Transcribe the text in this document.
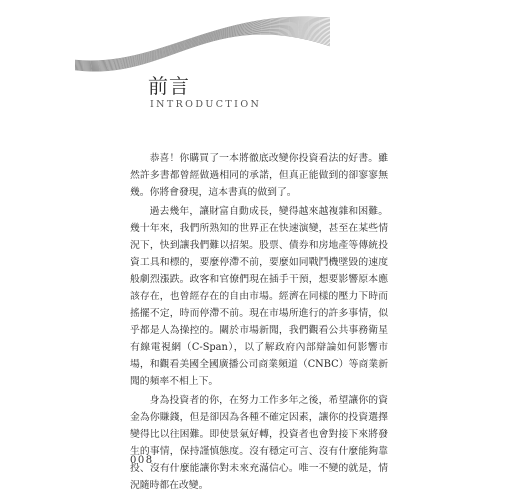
前言
INTRODUCTION

恭喜！你購買了一本將徹底改變你投資看法的好書。雖然許多書都曾經做過相同的承諾，但真正能做到的卻寥寥無幾。你將會發現，這本書真的做到了。

過去幾年，讓財富自動成長，變得越來越複雜和困難。幾十年來，我們所熟知的世界正在快速演變，甚至在某些情況下，快到讓我們難以招架。股票、債券和房地產等傳統投資工具和標的，要麼停滯不前，要麼如同戰鬥機墜毀的速度般劇烈漲跌。政客和官僚們現在插手干預，想要影響原本應該存在，也曾經存在的自由市場。經濟在同樣的壓力下時而搖擺不定，時而停滯不前。現在市場所進行的許多事情，似乎都是人為操控的。關於市場新聞，我們觀看公共事務衛星有線電視網（C-Span），以了解政府內部辯論如何影響市場，和觀看美國全國廣播公司商業頻道（CNBC）等商業新聞的頻率不相上下。

身為投資者的你，在努力工作多年之後，希望讓你的資金為你賺錢，但是卻因為各種不確定因素，讓你的投資選擇變得比以往困難。即使景氣好轉，投資者也會對接下來將發生的事情，保持謹慎態度。沒有穩定可言、沒有什麼能夠靠投、沒有什麼能讓你對未來充滿信心。唯一不變的就是，情況隨時都在改變。

008
